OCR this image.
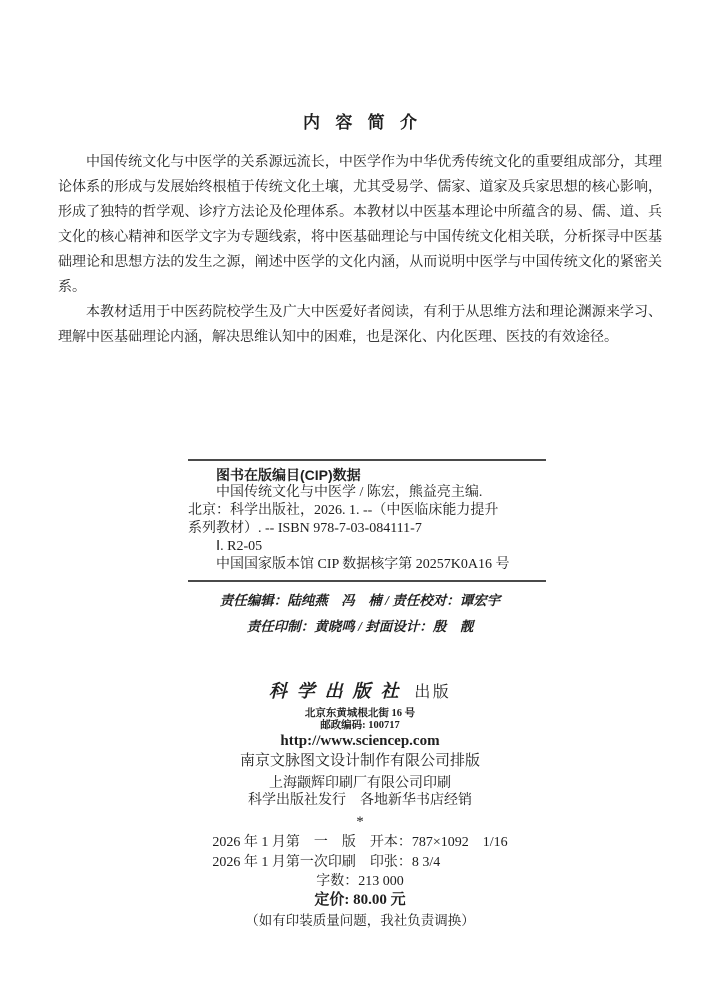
内容简介

中国传统文化与中医学的关系源远流长，中医学作为中华优秀传统文化的重要组成部分，其理论体系的形成与发展始终根植于传统文化土壤，尤其受易学、儒家、道家及兵家思想的核心影响，形成了独特的哲学观、诊疗方法论及伦理体系。本教材以中医基本理论中所蕴含的易、儒、道、兵文化的核心精神和医学文字为专题线索，将中医基础理论与中国传统文化相关联，分析探寻中医基础理论和思想方法的发生之源，阐述中医学的文化内涵，从而说明中医学与中国传统文化的紧密关系。

本教材适用于中医药院校学生及广大中医爱好者阅读，有利于从思维方法和理论渊源来学习、理解中医基础理论内涵，解决思维认知中的困难，也是深化、内化医理、医技的有效途径。

图书在版编目(CIP)数据
中国传统文化与中医学 / 陈宏，熊益亮主编.
北京：科学出版社，2026. 1. --（中医临床能力提升
系列教材）. -- ISBN 978-7-03-084111-7
Ⅰ. R2-05
中国国家版本馆 CIP 数据核字第 20257K0A16 号
责任编辑：陆纯燕　冯　楠 / 责任校对：谭宏宇
责任印制：黄晓鸣 / 封面设计：殷　靓
科学出版社 出版
北京东黄城根北街 16 号
邮政编码: 100717
http://www.sciencep.com
南京文脉图文设计制作有限公司排版
上海颛辉印刷厂有限公司印刷
科学出版社发行　各地新华书店经销
*
2026 年 1 月第　一　版　开本：787×1092　1/16
2026 年 1 月第一次印刷　印张：8 3/4
字数：213 000
定价: 80.00 元
（如有印装质量问题，我社负责调换）
